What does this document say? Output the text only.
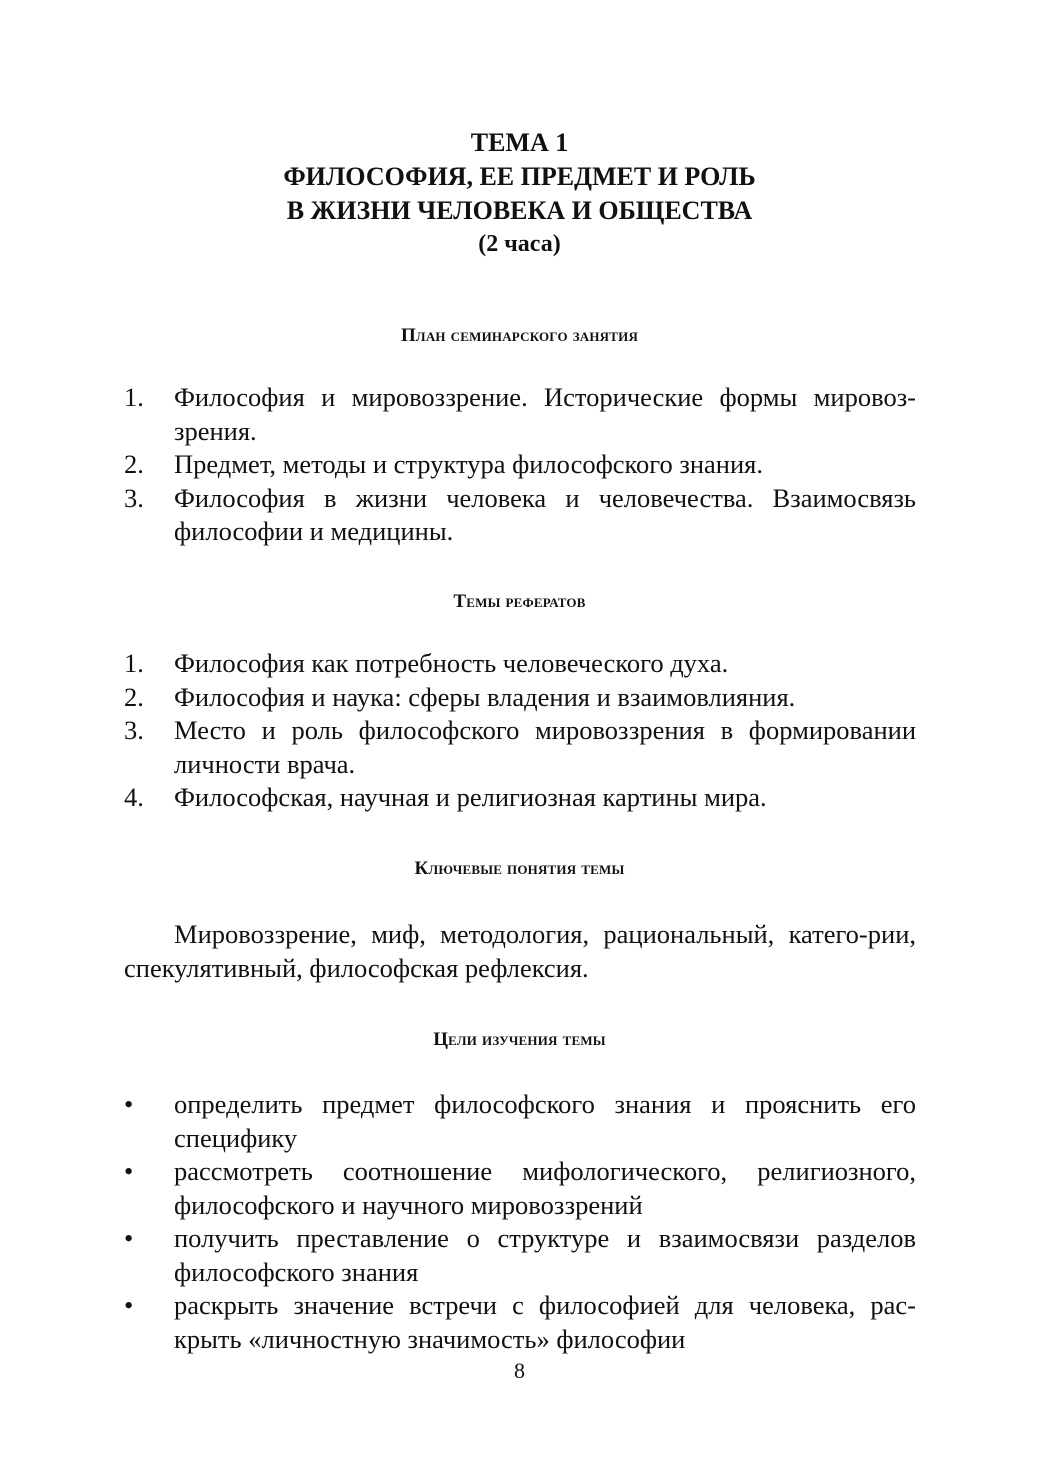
ТЕМА 1
ФИЛОСОФИЯ, ЕЕ ПРЕДМЕТ И РОЛЬ
В ЖИЗНИ ЧЕЛОВЕКА И ОБЩЕСТВА
(2 часа)
План семинарского занятия
1. Философия и мировоззрение. Исторические формы мировоз-зрения.
2. Предмет, методы и структура философского знания.
3. Философия в жизни человека и человечества. Взаимосвязь философии и медицины.
Темы рефератов
1. Философия как потребность человеческого духа.
2. Философия и наука: сферы владения и взаимовлияния.
3. Место и роль философского мировоззрения в формировании личности врача.
4. Философская, научная и религиозная картины мира.
Ключевые понятия темы

Мировоззрение, миф, методология, рациональный, катего-рии, спекулятивный, философская рефлексия.

Цели изучения темы
• определить предмет философского знания и прояснить его специфику
• рассмотреть соотношение мифологического, религиозного, философского и научного мировоззрений
• получить преставление о структуре и взаимосвязи разделов философского знания
• раскрыть значение встречи с философией для человека, рас-крыть «личностную значимость» философии
8
